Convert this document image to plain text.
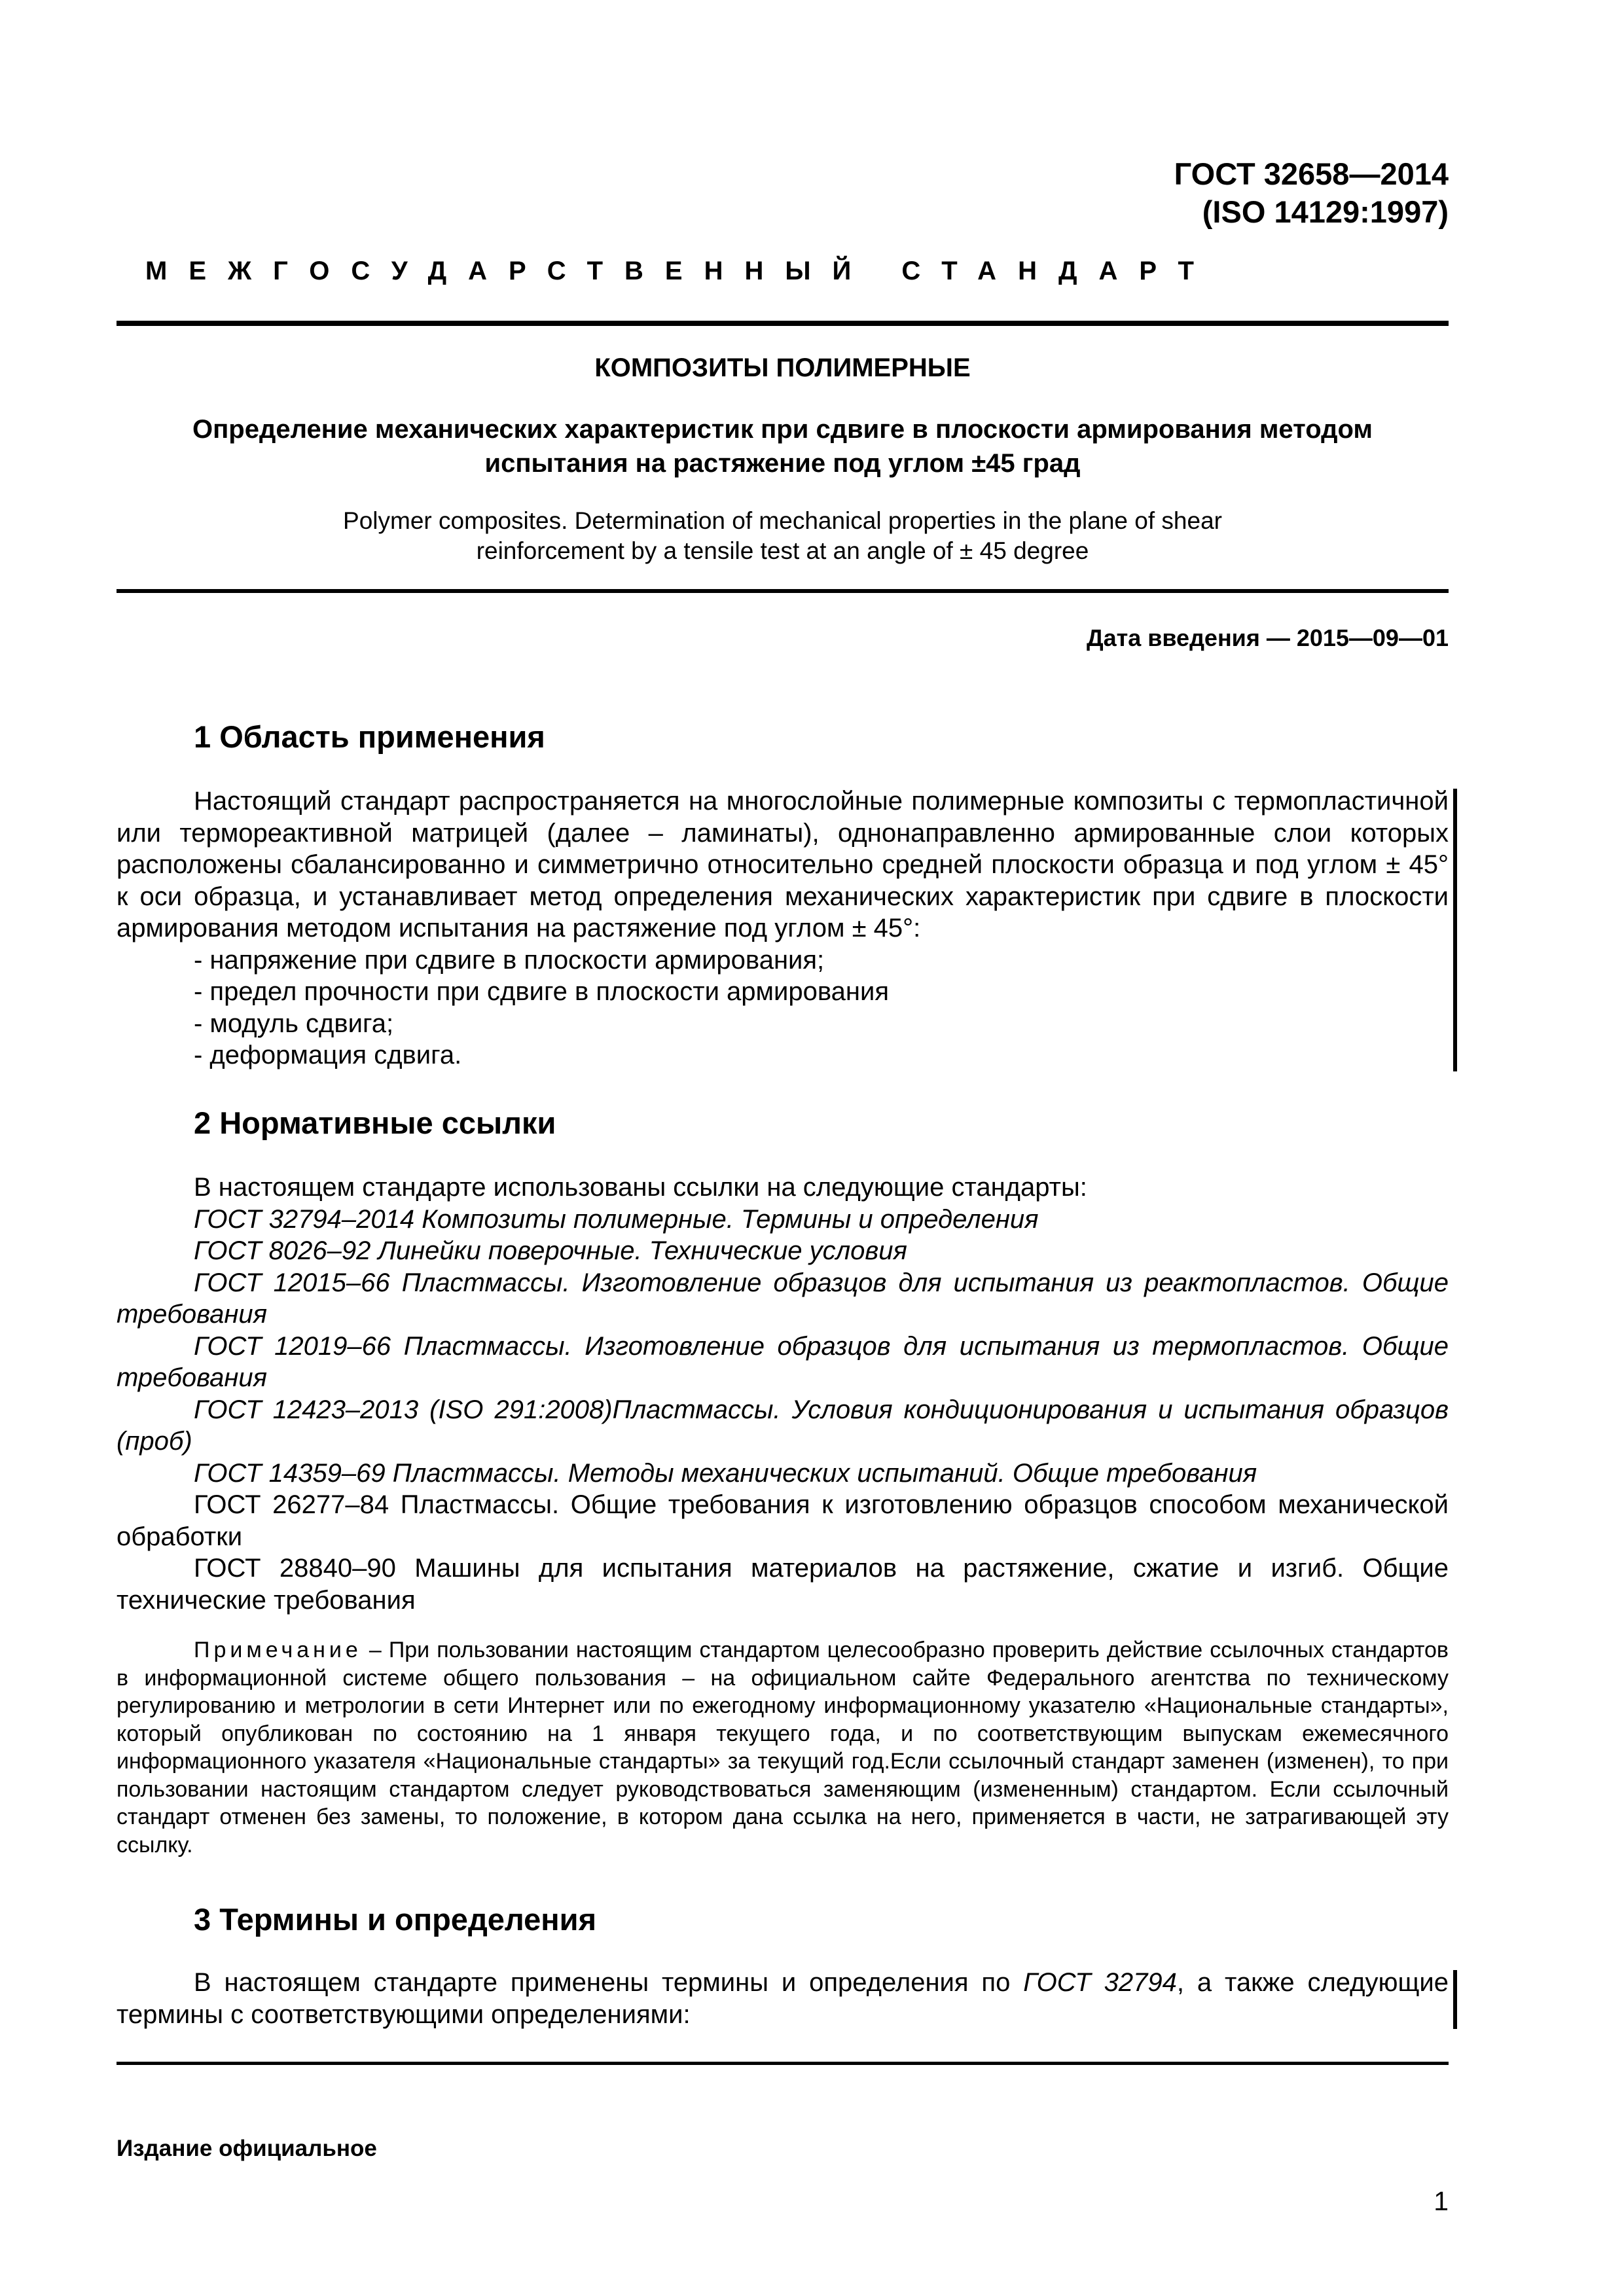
ГОСТ 32658—2014
(ISO 14129:1997)
МЕЖГОСУДАРСТВЕННЫЙ СТАНДАРТ
КОМПОЗИТЫ ПОЛИМЕРНЫЕ
Определение механических характеристик при сдвиге в плоскости армирования методом
испытания на растяжение под углом ±45 град
Polymer composites. Determination of mechanical properties in the plane of shear
reinforcement by a tensile test at an angle of ± 45 degree
Дата введения — 2015—09—01
1 Область применения

Настоящий стандарт распространяется на многослойные полимерные композиты с термопластичной или термореактивной матрицей (далее – ламинаты), однонаправленно армированные слои которых расположены сбалансированно и симметрично относительно средней плоскости образца и под углом ± 45° к оси образца, и устанавливает метод определения механических характеристик при сдвиге в плоскости армирования методом испытания на растяжение под углом ± 45°:

- напряжение при сдвиге в плоскости армирования;

- предел прочности при сдвиге в плоскости армирования

- модуль сдвига;

- деформация сдвига.

2 Нормативные ссылки

В настоящем стандарте использованы ссылки на следующие стандарты:

ГОСТ 32794–2014 Композиты полимерные. Термины и определения

ГОСТ 8026–92 Линейки поверочные. Технические условия

ГОСТ 12015–66 Пластмассы. Изготовление образцов для испытания из реактопластов. Общие требования

ГОСТ 12019–66 Пластмассы. Изготовление образцов для испытания из термопластов. Общие требования

ГОСТ 12423–2013 (ISO 291:2008)Пластмассы. Условия кондиционирования и испытания образцов (проб)

ГОСТ 14359–69 Пластмассы. Методы механических испытаний. Общие требования

ГОСТ 26277–84 Пластмассы. Общие требования к изготовлению образцов способом механической обработки

ГОСТ 28840–90 Машины для испытания материалов на растяжение, сжатие и изгиб. Общие технические требования

Примечание – При пользовании настоящим стандартом целесообразно проверить действие ссылочных стандартов в информационной системе общего пользования – на официальном сайте Федерального агентства по техническому регулированию и метрологии в сети Интернет или по ежегодному информационному указателю «Национальные стандарты», который опубликован по состоянию на 1 января текущего года, и по соответствующим выпускам ежемесячного информационного указателя «Национальные стандарты» за текущий год.Если ссылочный стандарт заменен (изменен), то при пользовании настоящим стандартом следует руководствоваться заменяющим (измененным) стандартом. Если ссылочный стандарт отменен без замены, то положение, в котором дана ссылка на него, применяется в части, не затрагивающей эту ссылку.
3 Термины и определения

В настоящем стандарте применены термины и определения по ГОСТ 32794, а также следующие термины с соответствующими определениями:

Издание официальное
1
